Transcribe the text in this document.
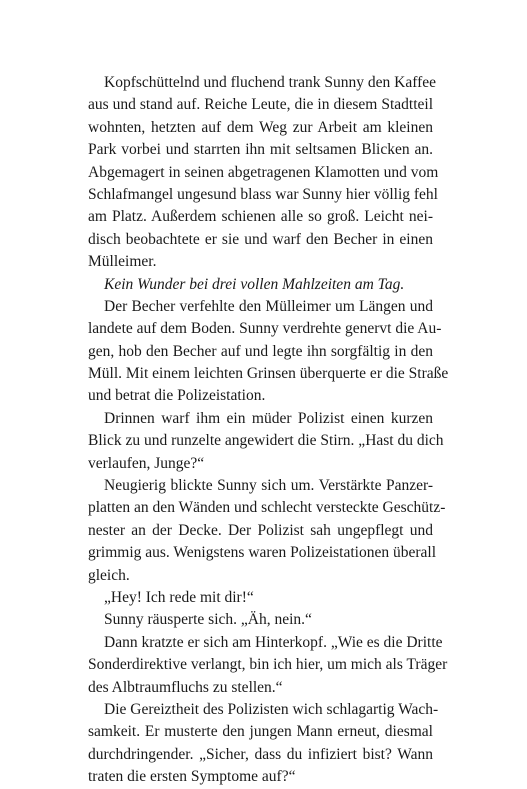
Kopfschüttelnd und fluchend trank Sunny den Kaffee
aus und stand auf. Reiche Leute, die in diesem Stadtteil
wohnten, hetzten auf dem Weg zur Arbeit am kleinen
Park vorbei und starrten ihn mit seltsamen Blicken an.
Abgemagert in seinen abgetragenen Klamotten und vom
Schlafmangel ungesund blass war Sunny hier völlig fehl
am Platz. Außerdem schienen alle so groß. Leicht nei-
disch beobachtete er sie und warf den Becher in einen
Mülleimer.
Kein Wunder bei drei vollen Mahlzeiten am Tag.
Der Becher verfehlte den Mülleimer um Längen und
landete auf dem Boden. Sunny verdrehte genervt die Au-
gen, hob den Becher auf und legte ihn sorgfältig in den
Müll. Mit einem leichten Grinsen überquerte er die Straße
und betrat die Polizeistation.
Drinnen warf ihm ein müder Polizist einen kurzen
Blick zu und runzelte angewidert die Stirn. „Hast du dich
verlaufen, Junge?“
Neugierig blickte Sunny sich um. Verstärkte Panzer-
platten an den Wänden und schlecht versteckte Geschütz-
nester an der Decke. Der Polizist sah ungepflegt und
grimmig aus. Wenigstens waren Polizeistationen überall
gleich.
„Hey! Ich rede mit dir!“
Sunny räusperte sich. „Äh, nein.“
Dann kratzte er sich am Hinterkopf. „Wie es die Dritte
Sonderdirektive verlangt, bin ich hier, um mich als Träger
des Albtraumfluchs zu stellen.“
Die Gereiztheit des Polizisten wich schlagartig Wach-
samkeit. Er musterte den jungen Mann erneut, diesmal
durchdringender. „Sicher, dass du infiziert bist? Wann
traten die ersten Symptome auf?“
